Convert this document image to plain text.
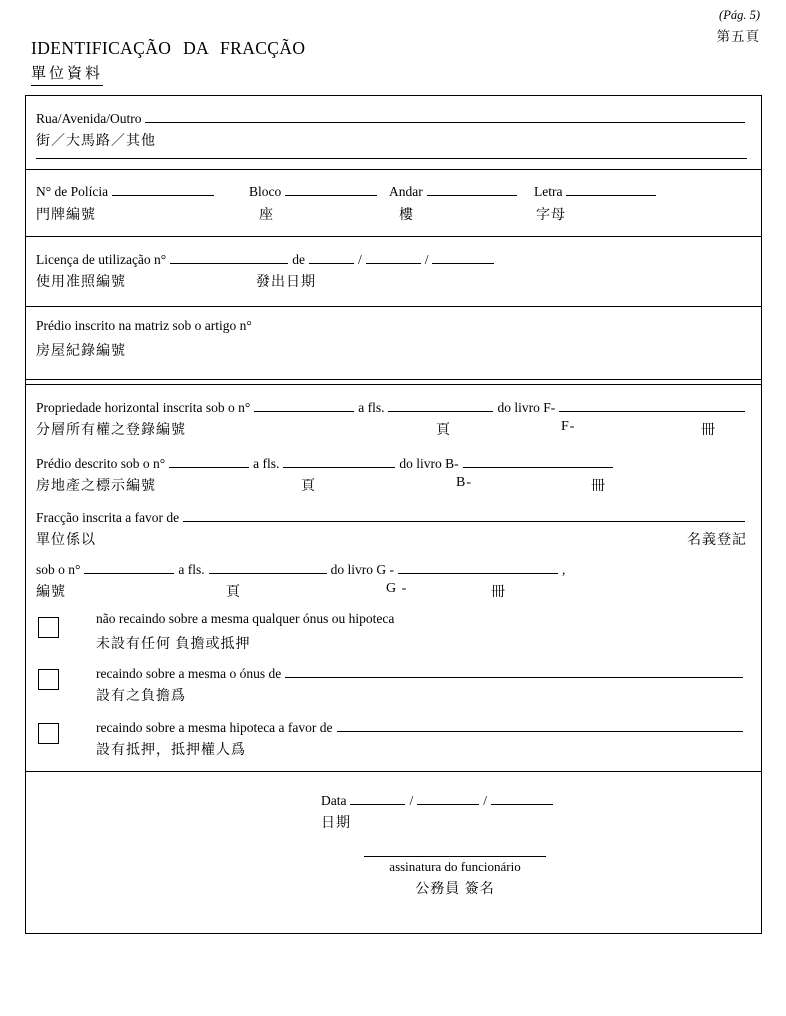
(Pág. 5)
第五頁
IDENTIFICAÇÃO DA FRACÇÃO
單位資料
Rua/Avenida/Outro
街／大馬路／其他
N° de Polícia	Bloco	Andar	Letra
門牌編號	座	樓	字母
Licença de utilização n°	de	/	/
使用准照編號	發出日期
Prédio inscrito na matriz sob o artigo n°
房屋紀錄編號
Propriedade horizontal inscrita sob o n°	a fls.	do livro F-
分層所有權之登錄編號	頁	F-	冊
Prédio descrito sob o n°	a fls.	do livro B-
房地產之標示編號	頁	B-	冊
Fracção inscrita a favor de
單位係以	名義登記
sob o n°	a fls.	do livro G -	,
編號	頁	G -	冊
não recaindo sobre a mesma qualquer ónus ou hipoteca
未設有任何 負擔或抵押
recaindo sobre a mesma o ónus de
設有之負擔爲
recaindo sobre a mesma hipoteca a favor de
設有抵押，抵押權人爲
Data	/	/
日期
assinatura do funcionário
公務員 簽名
